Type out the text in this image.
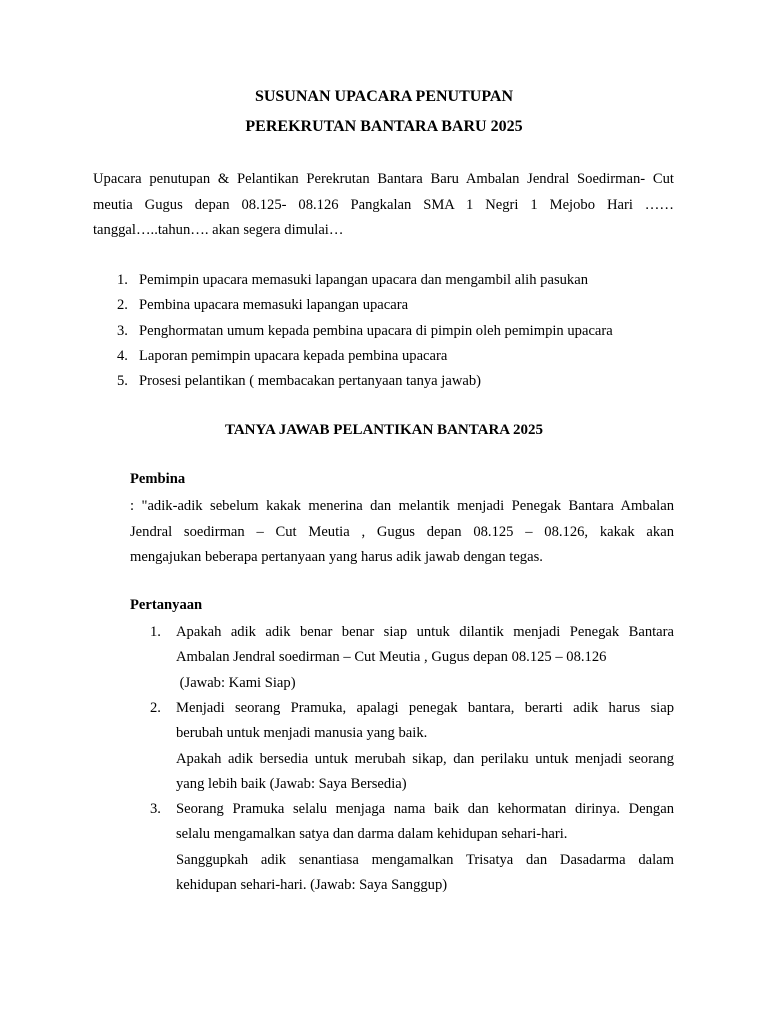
SUSUNAN UPACARA PENUTUPAN
PEREKRUTAN BANTARA BARU 2025
Upacara penutupan & Pelantikan Perekrutan Bantara Baru Ambalan Jendral Soedirman- Cut
meutia Gugus depan 08.125- 08.126 Pangkalan SMA 1 Negri 1 Mejobo Hari ……
tanggal…..tahun…. akan segera dimulai…
1. Pemimpin upacara memasuki lapangan upacara dan mengambil alih pasukan
2. Pembina upacara memasuki lapangan upacara
3. Penghormatan umum kepada pembina upacara di pimpin oleh pemimpin upacara
4. Laporan pemimpin upacara kepada pembina upacara
5. Prosesi pelantikan ( membacakan pertanyaan tanya jawab)
TANYA JAWAB PELANTIKAN BANTARA 2025
Pembina
: "adik-adik sebelum kakak menerina dan melantik menjadi Penegak Bantara Ambalan
Jendral soedirman – Cut Meutia , Gugus depan 08.125 – 08.126, kakak akan
mengajukan beberapa pertanyaan yang harus adik jawab dengan tegas.
Pertanyaan
1.	Apakah adik adik benar benar siap untuk dilantik menjadi Penegak Bantara
Ambalan Jendral soedirman – Cut Meutia , Gugus depan 08.125 – 08.126
(Jawab: Kami Siap)
2.	Menjadi seorang Pramuka, apalagi penegak bantara, berarti adik harus siap
berubah untuk menjadi manusia yang baik.
Apakah adik bersedia untuk merubah sikap, dan perilaku untuk menjadi seorang
yang lebih baik (Jawab: Saya Bersedia)
3.	Seorang Pramuka selalu menjaga nama baik dan kehormatan dirinya. Dengan
selalu mengamalkan satya dan darma dalam kehidupan sehari-hari.
Sanggupkah adik senantiasa mengamalkan Trisatya dan Dasadarma dalam
kehidupan sehari-hari. (Jawab: Saya Sanggup)
